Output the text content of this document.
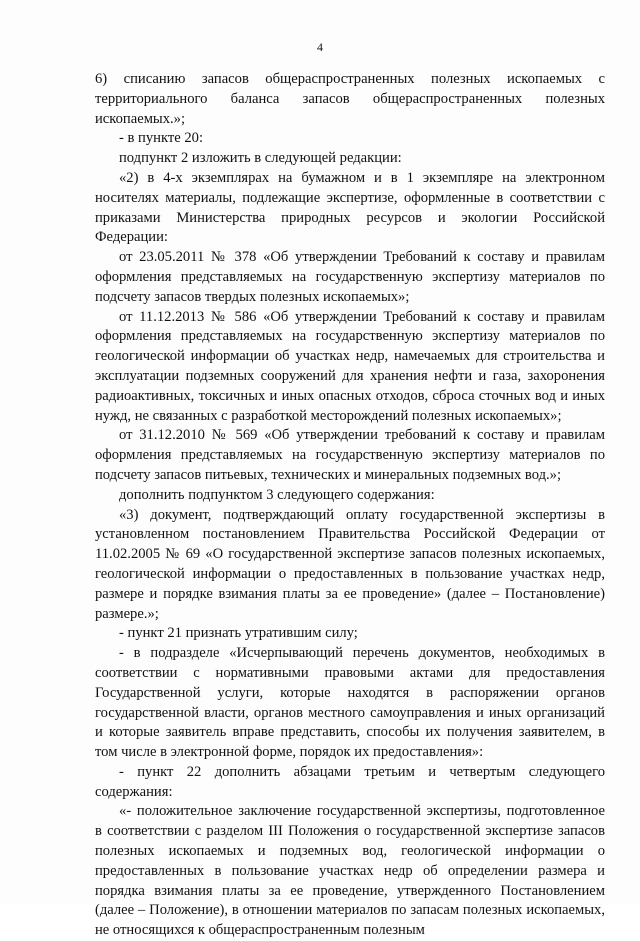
4

6) списанию запасов общераспространенных полезных ископаемых с территориального баланса запасов общераспространенных полезных ископаемых.»;

- в пункте 20:

подпункт 2 изложить в следующей редакции:

«2) в 4-х экземплярах на бумажном и в 1 экземпляре на электронном носителях материалы, подлежащие экспертизе, оформленные в соответствии с приказами Министерства природных ресурсов и экологии Российской Федерации:

от 23.05.2011 № 378 «Об утверждении Требований к составу и правилам оформления представляемых на государственную экспертизу материалов по подсчету запасов твердых полезных ископаемых»;

от 11.12.2013 № 586 «Об утверждении Требований к составу и правилам оформления представляемых на государственную экспертизу материалов по геологической информации об участках недр, намечаемых для строительства и эксплуатации подземных сооружений для хранения нефти и газа, захоронения радиоактивных, токсичных и иных опасных отходов, сброса сточных вод и иных нужд, не связанных с разработкой месторождений полезных ископаемых»;

от 31.12.2010 № 569 «Об утверждении требований к составу и правилам оформления представляемых на государственную экспертизу материалов по подсчету запасов питьевых, технических и минеральных подземных вод.»;

дополнить подпунктом 3 следующего содержания:

«3) документ, подтверждающий оплату государственной экспертизы в установленном постановлением Правительства Российской Федерации от 11.02.2005 № 69 «О государственной экспертизе запасов полезных ископаемых, геологической информации о предоставленных в пользование участках недр, размере и порядке взимания платы за ее проведение» (далее – Постановление) размере.»;

- пункт 21 признать утратившим силу;

- в подразделе «Исчерпывающий перечень документов, необходимых в соответствии с нормативными правовыми актами для предоставления Государственной услуги, которые находятся в распоряжении органов государственной власти, органов местного самоуправления и иных организаций и которые заявитель вправе представить, способы их получения заявителем, в том числе в электронной форме, порядок их предоставления»:

- пункт 22 дополнить абзацами третьим и четвертым следующего содержания:

«- положительное заключение государственной экспертизы, подготовленное в соответствии с разделом III Положения о государственной экспертизе запасов полезных ископаемых и подземных вод, геологической информации о предоставленных в пользование участках недр об определении размера и порядка взимания платы за ее проведение, утвержденного Постановлением (далее – Положение), в отношении материалов по запасам полезных ископаемых, не относящихся к общераспространенным полезным
